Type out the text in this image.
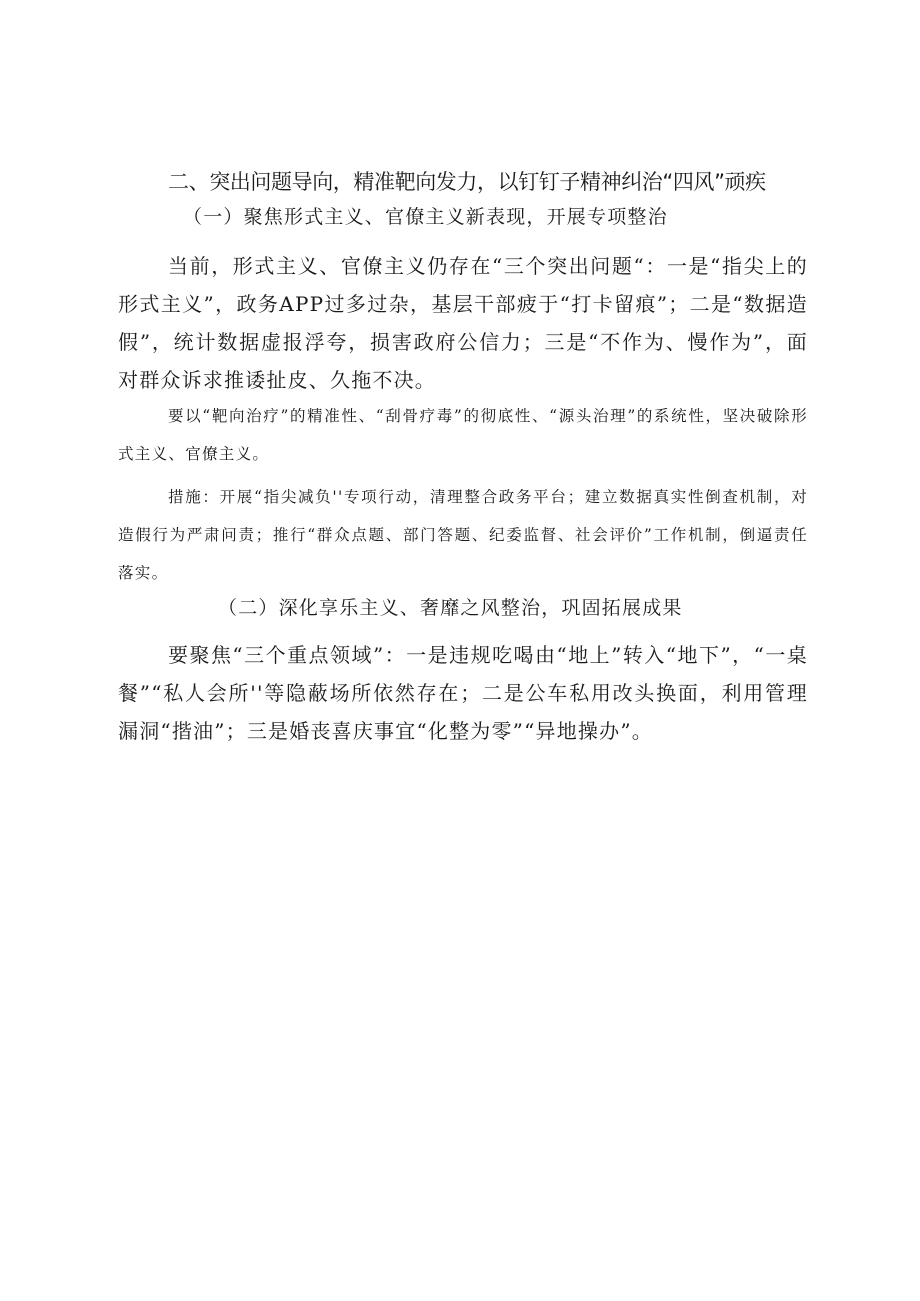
二、突出问题导向，精准靶向发力，以钉钉子精神纠治“四风”顽疾
（一）聚焦形式主义、官僚主义新表现，开展专项整治

当前，形式主义、官僚主义仍存在“三个突出问题“：一是“指尖上的形式主义”，政务APP过多过杂，基层干部疲于“打卡留痕”；二是“数据造假”，统计数据虚报浮夸，损害政府公信力；三是“不作为、慢作为”，面对群众诉求推诿扯皮、久拖不决。

要以“靶向治疗”的精准性、“刮骨疗毒”的彻底性、“源头治理”的系统性，坚决破除形式主义、官僚主义。

措施：开展“指尖减负''专项行动，清理整合政务平台；建立数据真实性倒查机制，对造假行为严肃问责；推行“群众点题、部门答题、纪委监督、社会评价”工作机制，倒逼责任落实。

（二）深化享乐主义、奢靡之风整治，巩固拓展成果

要聚焦“三个重点领域”：一是违规吃喝由“地上”转入“地下”，“一桌餐”“私人会所''等隐蔽场所依然存在；二是公车私用改头换面，利用管理漏洞“揩油”；三是婚丧喜庆事宜“化整为零”“异地操办”。
